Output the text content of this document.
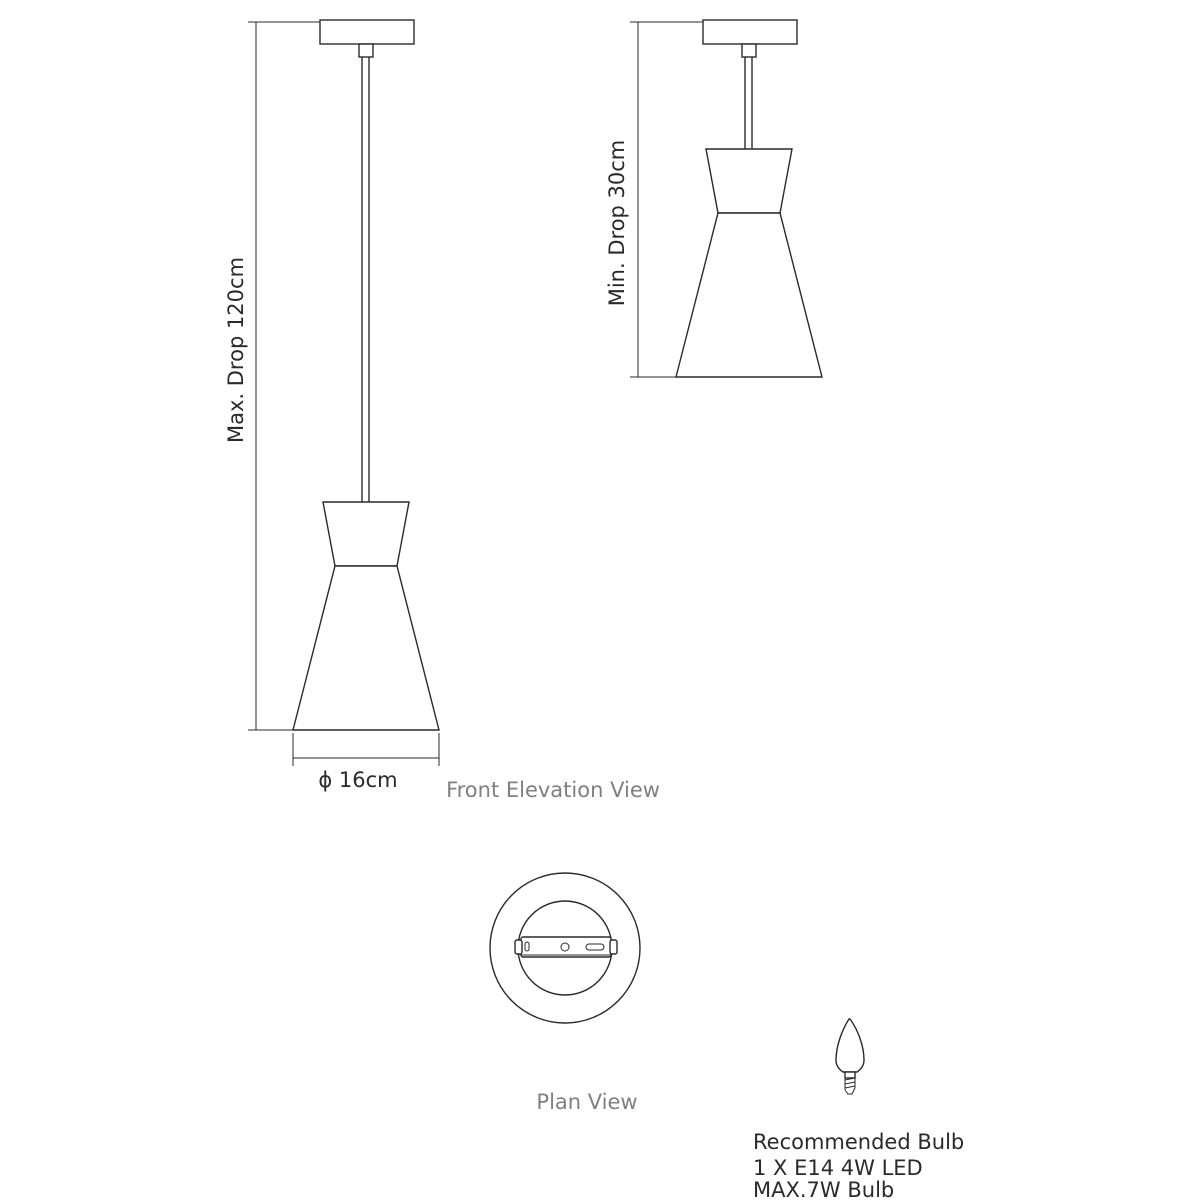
Max. Drop 120cm
ϕ 16cm Front Elevation View
Min. Drop 30cm
Plan View
Recommended Bulb
1 X E14 4W LED
MAX.7W Bulb
